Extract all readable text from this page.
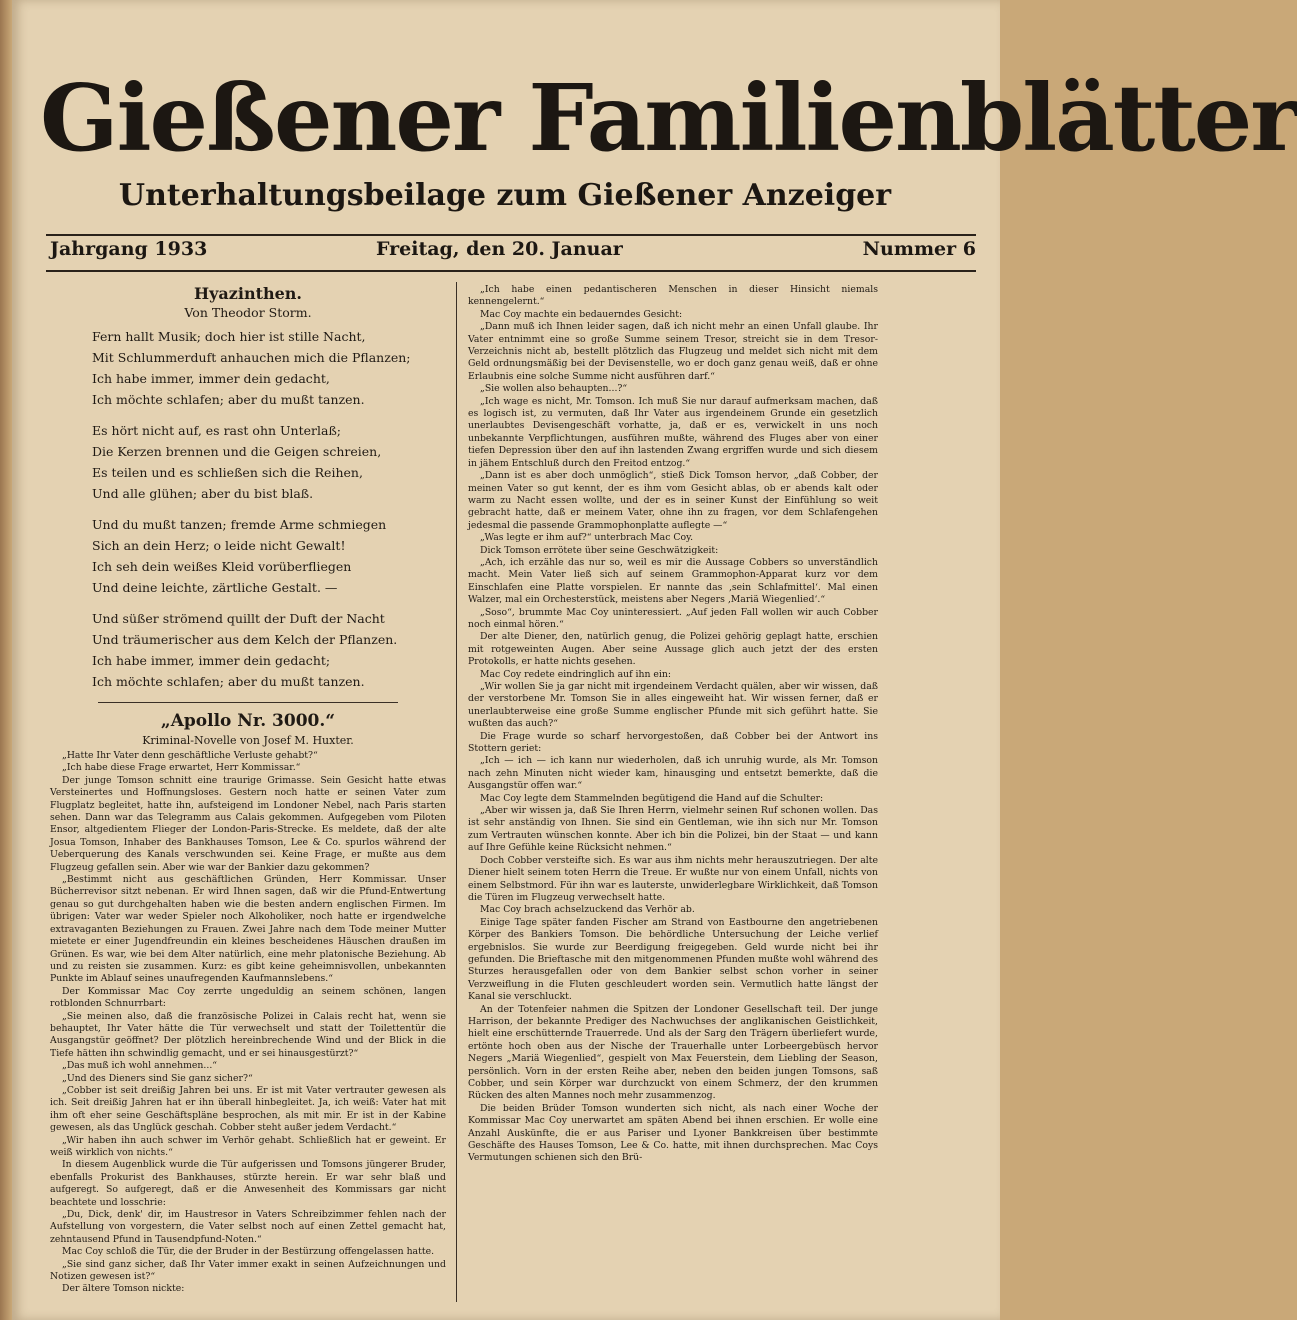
Gießener Familienblätter
Unterhaltungsbeilage zum Gießener Anzeiger
Jahrgang 1933	Freitag, den 20. Januar	Nummer 6
Hyazinthen.
Von Theodor Storm.
Fern hallt Musik; doch hier ist stille Nacht,
Mit Schlummerduft anhauchen mich die Pflanzen;
Ich habe immer, immer dein gedacht,
Ich möchte schlafen; aber du mußt tanzen.
Es hört nicht auf, es rast ohn Unterlaß;
Die Kerzen brennen und die Geigen schreien,
Es teilen und es schließen sich die Reihen,
Und alle glühen; aber du bist blaß.
Und du mußt tanzen; fremde Arme schmiegen
Sich an dein Herz; o leide nicht Gewalt!
Ich seh dein weißes Kleid vorüberfliegen
Und deine leichte, zärtliche Gestalt. —
Und süßer strömend quillt der Duft der Nacht
Und träumerischer aus dem Kelch der Pflanzen.
Ich habe immer, immer dein gedacht;
Ich möchte schlafen; aber du mußt tanzen.
„Apollo Nr. 3000.“
Kriminal-Novelle von Josef M. Huxter.

„Hatte Ihr Vater denn geschäftliche Verluste gehabt?“

„Ich habe diese Frage erwartet, Herr Kommissar.“

Der junge Tomson schnitt eine traurige Grimasse. Sein Gesicht hatte etwas Versteinertes und Hoffnungsloses. Gestern noch hatte er seinen Vater zum Flugplatz begleitet, hatte ihn, aufsteigend im Londoner Nebel, nach Paris starten sehen. Dann war das Telegramm aus Calais gekommen. Aufgegeben vom Piloten Ensor, altgedientem Flieger der London-Paris-Strecke. Es meldete, daß der alte Josua Tomson, Inhaber des Bankhauses Tomson, Lee & Co. spurlos während der Ueberquerung des Kanals verschwunden sei. Keine Frage, er mußte aus dem Flugzeug gefallen sein. Aber wie war der Bankier dazu gekommen?

„Bestimmt nicht aus geschäftlichen Gründen, Herr Kommissar. Unser Bücherrevisor sitzt nebenan. Er wird Ihnen sagen, daß wir die Pfund-Entwertung genau so gut durchgehalten haben wie die besten andern englischen Firmen. Im übrigen: Vater war weder Spieler noch Alkoholiker, noch hatte er irgendwelche extravaganten Beziehungen zu Frauen. Zwei Jahre nach dem Tode meiner Mutter mietete er einer Jugendfreundin ein kleines bescheidenes Häuschen draußen im Grünen. Es war, wie bei dem Alter natürlich, eine mehr platonische Beziehung. Ab und zu reisten sie zusammen. Kurz: es gibt keine geheimnisvollen, unbekannten Punkte im Ablauf seines unaufregenden Kaufmannslebens.“

Der Kommissar Mac Coy zerrte ungeduldig an seinem schönen, langen rotblonden Schnurrbart:

„Sie meinen also, daß die französische Polizei in Calais recht hat, wenn sie behauptet, Ihr Vater hätte die Tür verwechselt und statt der Toilettentür die Ausgangstür geöffnet? Der plötzlich hereinbrechende Wind und der Blick in die Tiefe hätten ihn schwindlig gemacht, und er sei hinausgestürzt?“

„Das muß ich wohl annehmen...“

„Und des Dieners sind Sie ganz sicher?“

„Cobber ist seit dreißig Jahren bei uns. Er ist mit Vater vertrauter gewesen als ich. Seit dreißig Jahren hat er ihn überall hinbegleitet. Ja, ich weiß: Vater hat mit ihm oft eher seine Geschäftspläne besprochen, als mit mir. Er ist in der Kabine gewesen, als das Unglück geschah. Cobber steht außer jedem Verdacht.“

„Wir haben ihn auch schwer im Verhör gehabt. Schließlich hat er geweint. Er weiß wirklich von nichts.“

In diesem Augenblick wurde die Tür aufgerissen und Tomsons jüngerer Bruder, ebenfalls Prokurist des Bankhauses, stürzte herein. Er war sehr blaß und aufgeregt. So aufgeregt, daß er die Anwesenheit des Kommissars gar nicht beachtete und losschrie:

„Du, Dick, denk' dir, im Haustresor in Vaters Schreibzimmer fehlen nach der Aufstellung von vorgestern, die Vater selbst noch auf einen Zettel gemacht hat, zehntausend Pfund in Tausendpfund-Noten.“

Mac Coy schloß die Tür, die der Bruder in der Bestürzung offengelassen hatte.

„Sie sind ganz sicher, daß Ihr Vater immer exakt in seinen Aufzeichnungen und Notizen gewesen ist?“

Der ältere Tomson nickte:

„Ich habe einen pedantischeren Menschen in dieser Hinsicht niemals kennengelernt.“

Mac Coy machte ein bedauerndes Gesicht:

„Dann muß ich Ihnen leider sagen, daß ich nicht mehr an einen Unfall glaube. Ihr Vater entnimmt eine so große Summe seinem Tresor, streicht sie in dem Tresor-Verzeichnis nicht ab, bestellt plötzlich das Flugzeug und meldet sich nicht mit dem Geld ordnungsmäßig bei der Devisenstelle, wo er doch ganz genau weiß, daß er ohne Erlaubnis eine solche Summe nicht ausführen darf.“

„Sie wollen also behaupten...?“

„Ich wage es nicht, Mr. Tomson. Ich muß Sie nur darauf aufmerksam machen, daß es logisch ist, zu vermuten, daß Ihr Vater aus irgendeinem Grunde ein gesetzlich unerlaubtes Devisengeschäft vorhatte, ja, daß er es, verwickelt in uns noch unbekannte Verpflichtungen, ausführen mußte, während des Fluges aber von einer tiefen Depression über den auf ihn lastenden Zwang ergriffen wurde und sich diesem in jähem Entschluß durch den Freitod entzog.“

„Dann ist es aber doch unmöglich“, stieß Dick Tomson hervor, „daß Cobber, der meinen Vater so gut kennt, der es ihm vom Gesicht ablas, ob er abends kalt oder warm zu Nacht essen wollte, und der es in seiner Kunst der Einfühlung so weit gebracht hatte, daß er meinem Vater, ohne ihn zu fragen, vor dem Schlafengehen jedesmal die passende Grammophonplatte auflegte —“

„Was legte er ihm auf?“ unterbrach Mac Coy.

Dick Tomson errötete über seine Geschwätzigkeit:

„Ach, ich erzähle das nur so, weil es mir die Aussage Cobbers so unverständlich macht. Mein Vater ließ sich auf seinem Grammophon-Apparat kurz vor dem Einschlafen eine Platte vorspielen. Er nannte das ‚sein Schlafmittel‘. Mal einen Walzer, mal ein Orchesterstück, meistens aber Negers ‚Mariä Wiegenlied‘.“

„Soso“, brummte Mac Coy uninteressiert. „Auf jeden Fall wollen wir auch Cobber noch einmal hören.“

Der alte Diener, den, natürlich genug, die Polizei gehörig geplagt hatte, erschien mit rotgeweinten Augen. Aber seine Aussage glich auch jetzt der des ersten Protokolls, er hatte nichts gesehen.

Mac Coy redete eindringlich auf ihn ein:

„Wir wollen Sie ja gar nicht mit irgendeinem Verdacht quälen, aber wir wissen, daß der verstorbene Mr. Tomson Sie in alles eingeweiht hat. Wir wissen ferner, daß er unerlaubterweise eine große Summe englischer Pfunde mit sich geführt hatte. Sie wußten das auch?“

Die Frage wurde so scharf hervorgestoßen, daß Cobber bei der Antwort ins Stottern geriet:

„Ich — ich — ich kann nur wiederholen, daß ich unruhig wurde, als Mr. Tomson nach zehn Minuten nicht wieder kam, hinausging und entsetzt bemerkte, daß die Ausgangstür offen war.“

Mac Coy legte dem Stammelnden begütigend die Hand auf die Schulter:

„Aber wir wissen ja, daß Sie Ihren Herrn, vielmehr seinen Ruf schonen wollen. Das ist sehr anständig von Ihnen. Sie sind ein Gentleman, wie ihn sich nur Mr. Tomson zum Vertrauten wünschen konnte. Aber ich bin die Polizei, bin der Staat — und kann auf Ihre Gefühle keine Rücksicht nehmen.“

Doch Cobber versteifte sich. Es war aus ihm nichts mehr herauszutriegen. Der alte Diener hielt seinem toten Herrn die Treue. Er wußte nur von einem Unfall, nichts von einem Selbstmord. Für ihn war es lauterste, unwiderlegbare Wirklichkeit, daß Tomson die Türen im Flugzeug verwechselt hatte.

Mac Coy brach achselzuckend das Verhör ab.

Einige Tage später fanden Fischer am Strand von Eastbourne den angetriebenen Körper des Bankiers Tomson. Die behördliche Untersuchung der Leiche verlief ergebnislos. Sie wurde zur Beerdigung freigegeben. Geld wurde nicht bei ihr gefunden. Die Brieftasche mit den mitgenommenen Pfunden mußte wohl während des Sturzes herausgefallen oder von dem Bankier selbst schon vorher in seiner Verzweiflung in die Fluten geschleudert worden sein. Vermutlich hatte längst der Kanal sie verschluckt.

An der Totenfeier nahmen die Spitzen der Londoner Gesellschaft teil. Der junge Harrison, der bekannte Prediger des Nachwuchses der anglikanischen Geistlichkeit, hielt eine erschütternde Trauerrede. Und als der Sarg den Trägern überliefert wurde, ertönte hoch oben aus der Nische der Trauerhalle unter Lorbeergebüsch hervor Negers „Mariä Wiegenlied“, gespielt von Max Feuerstein, dem Liebling der Season, persönlich. Vorn in der ersten Reihe aber, neben den beiden jungen Tomsons, saß Cobber, und sein Körper war durchzuckt von einem Schmerz, der den krummen Rücken des alten Mannes noch mehr zusammenzog.

Die beiden Brüder Tomson wunderten sich nicht, als nach einer Woche der Kommissar Mac Coy unerwartet am späten Abend bei ihnen erschien. Er wolle eine Anzahl Auskünfte, die er aus Pariser und Lyoner Bankkreisen über bestimmte Geschäfte des Hauses Tomson, Lee & Co. hatte, mit ihnen durchsprechen. Mac Coys Vermutungen schienen sich den Brü-
